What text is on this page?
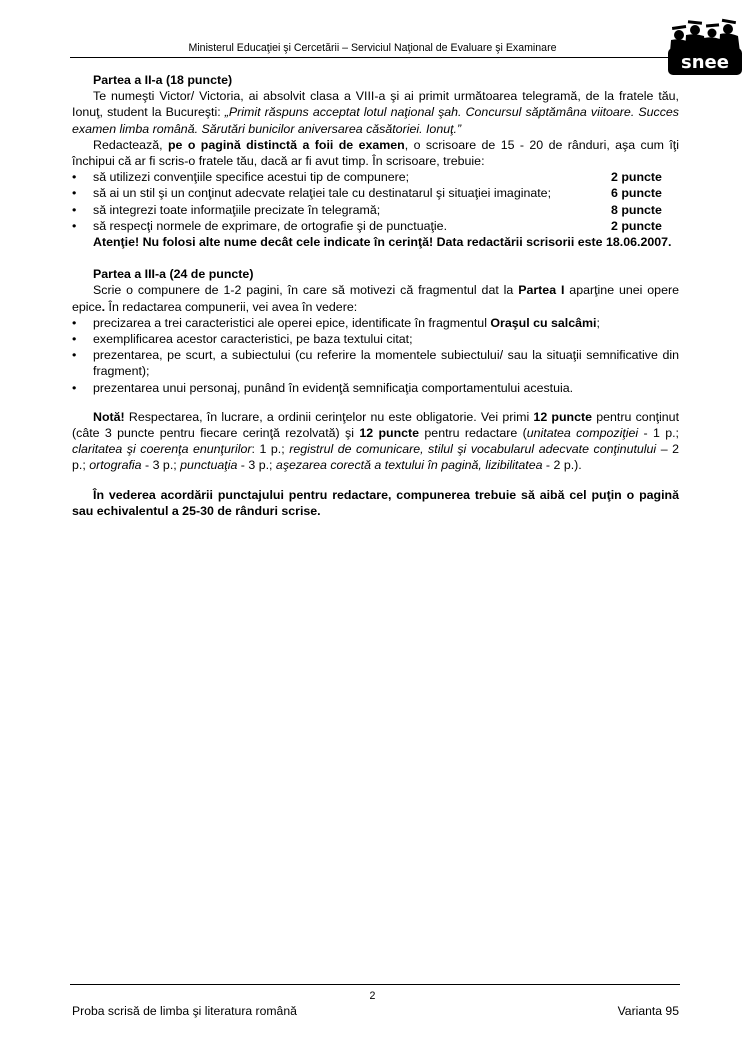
Ministerul Educaţiei şi Cercetării – Serviciul Naţional de Evaluare şi Examinare
snee

Partea a II-a (18 puncte)

Te numeşti Victor/ Victoria, ai absolvit clasa a VIII-a şi ai primit următoarea telegramă, de la fratele tău, Ionuţ, student la Bucureşti: „Primit răspuns acceptat lotul naţional şah. Concursul săptămâna viitoare. Succes examen limba română. Sărutări bunicilor aniversarea căsătoriei. Ionuţ.”

Redactează, pe o pagină distinctă a foii de examen, o scrisoare de 15 - 20 de rânduri, aşa cum îţi închipui că ar fi scris-o fratele tău, dacă ar fi avut timp. În scrisoare, trebuie:

• să utilizezi convenţiile specifice acestui tip de compunere;	2 puncte
• să ai un stil şi un conţinut adecvate relaţiei tale cu destinatarul şi situaţiei imaginate;	6 puncte
• să integrezi toate informaţiile precizate în telegramă;	8 puncte
• să respecţi normele de exprimare, de ortografie şi de punctuaţie.	2 puncte

Atenţie! Nu folosi alte nume decât cele indicate în cerinţă! Data redactării scrisorii este 18.06.2007.

Partea a III-a (24 de puncte)

Scrie o compunere de 1-2 pagini, în care să motivezi că fragmentul dat la Partea I aparţine unei opere epice. În redactarea compunerii, vei avea în vedere:

• precizarea a trei caracteristici ale operei epice, identificate în fragmentul Oraşul cu salcâmi;
• exemplificarea acestor caracteristici, pe baza textului citat;
• prezentarea, pe scurt, a subiectului (cu referire la momentele subiectului/ sau la situaţii semnificative din fragment);
• prezentarea unui personaj, punând în evidenţă semnificaţia comportamentului acestuia.

Notă! Respectarea, în lucrare, a ordinii cerinţelor nu este obligatorie. Vei primi 12 puncte pentru conţinut (câte 3 puncte pentru fiecare cerinţă rezolvată) şi 12 puncte pentru redactare (unitatea compoziţiei - 1 p.; claritatea şi coerenţa enunţurilor: 1 p.; registrul de comunicare, stilul şi vocabularul adecvate conţinutului – 2 p.; ortografia - 3 p.; punctuaţia - 3 p.; aşezarea corectă a textului în pagină, lizibilitatea - 2 p.).

În vederea acordării punctajului pentru redactare, compunerea trebuie să aibă cel puţin o pagină sau echivalentul a 25-30 de rânduri scrise.

2
Proba scrisă de limba şi literatura română	Varianta 95
